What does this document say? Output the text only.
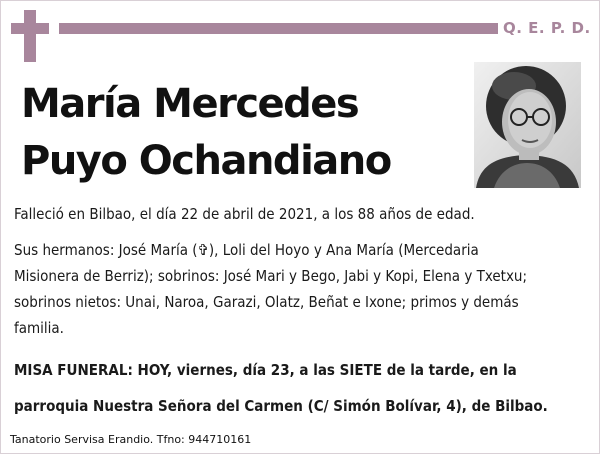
Q. E. P. D.
María Mercedes
Puyo Ochandiano
Falleció en Bilbao, el día 22 de abril de 2021, a los 88 años de edad.
Sus hermanos: José María (✞), Loli del Hoyo y Ana María (Mercedaria
Misionera de Berriz); sobrinos: José Mari y Bego, Jabi y Kopi, Elena y Txetxu;
sobrinos nietos: Unai, Naroa, Garazi, Olatz, Beñat e Ixone; primos y demás
familia.
MISA FUNERAL: HOY, viernes, día 23, a las SIETE de la tarde, en la
parroquia Nuestra Señora del Carmen (C/ Simón Bolívar, 4), de Bilbao.
Tanatorio Servisa Erandio. Tfno: 944710161
